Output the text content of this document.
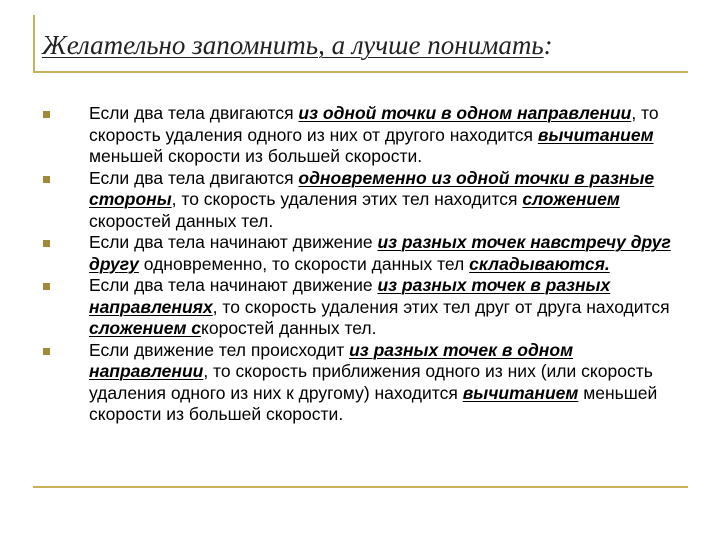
Желательно запомнить, а лучше понимать:
Если два тела двигаются из одной точки в одном направлении, то скорость удаления одного из них от другого находится вычитанием меньшей скорости из большей скорости.
Если два тела двигаются одновременно из одной точки в разные стороны, то скорость удаления этих тел находится сложением скоростей данных тел.
Если два тела начинают движение из разных точек навстречу друг другу одновременно, то скорости данных тел складываются.
Если два тела начинают движение из разных точек в разных направлениях, то скорость удаления этих тел друг от друга находится сложением скоростей данных тел.
Если движение тел происходит из разных точек в одном направлении, то скорость приближения одного из них (или скорость удаления одного из них к другому) находится вычитанием меньшей скорости из большей скорости.
